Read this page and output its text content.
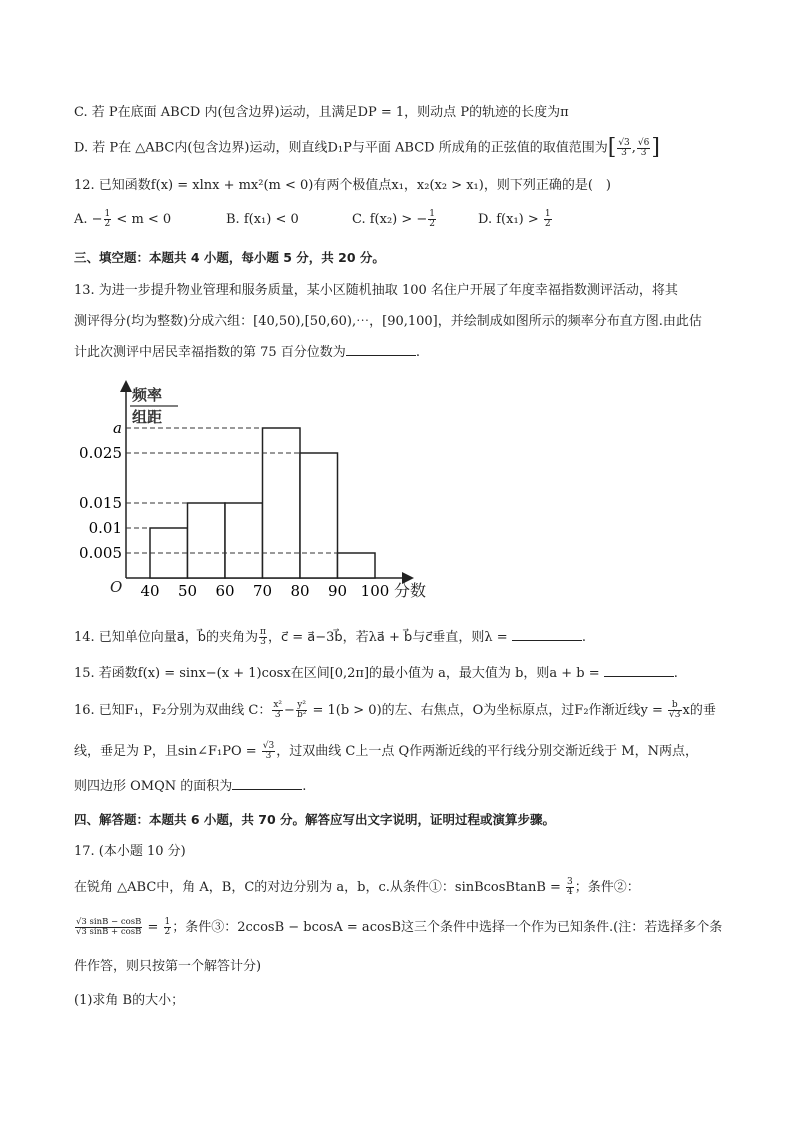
C. 若 P在底面 ABCD 内(包含边界)运动，且满足DP = 1，则动点 P的轨迹的长度为π
D. 若 P在 △ABC内(包含边界)运动，则直线D₁P与平面 ABCD 所成角的正弦值的取值范围为[ $\frac{√3}{3}$ , $\frac{√6}{3}$ ]
12. 已知函数f(x) = xlnx + mx²(m < 0)有两个极值点x₁，x₂(x₂ > x₁)，则下列正确的是(　)
A. − $\frac{1}{2} < m < 0$	B. f(x₁) < 0	C. f(x₂) > − $\frac{1}{2}$	D. $f(x_1) > \frac{1}{2}$
三、填空题：本题共 4 小题，每小题 5 分，共 20 分。
13. 为进一步提升物业管理和服务质量，某小区随机抽取 100 名住户开展了年度幸福指数测评活动，将其
测评得分(均为整数)分成六组：[40,50),[50,60),⋯，[90,100]，并绘制成如图所示的频率分布直方图.由此估
计此次测评中居民幸福指数的第 75 百分位数为	.
0.005
0.01
0.015
0.025
a
40 50 60 70 80 90 100
频率
组距
O	分数
14. 已知单位向量a⃗，b⃗的夹角为 $\frac{\pi}{3}$ ，c⃗ = a⃗−3b⃗，若λa⃗ + b⃗与c⃗垂直，则λ =	.
15. 若函数f(x) = sinx−(x + 1)cosx在区间[0,2π]的最小值为 a，最大值为 b，则a + b =	.
16. 已知F₁，F₂分别为双曲线 C： $\frac{\text{x²}}{3} - \frac{\text{y²}}{\text{b²}} = 1(b > 0)$的左、右焦点，O为坐标原点，过F₂作渐近线$y = \frac{b}{√3}$ x的垂
线，垂足为 P，且sin∠F₁PO = $\frac{√3}{3}$ ，过双曲线 C上一点 Q作两渐近线的平行线分别交渐近线于 M，N两点，
则四边形 OMQN 的面积为	.
四、解答题：本题共 6 小题，共 70 分。解答应写出文字说明，证明过程或演算步骤。
17. (本小题 10 分)
在锐角 △ABC中，角 A，B，C的对边分别为 a，b，c.从条件①：sinBcosBtanB = $\frac{3}{4}$ ；条件②：
$\frac{√3 \sin B - \cos B}{√3 \sin B + \cos B} = \frac{1}{2}$ ；条件③：2ccosB − bcosA = acosB这三个条件中选择一个作为已知条件.(注：若选择多个条
件作答，则只按第一个解答计分)
(1)求角 B的大小；
